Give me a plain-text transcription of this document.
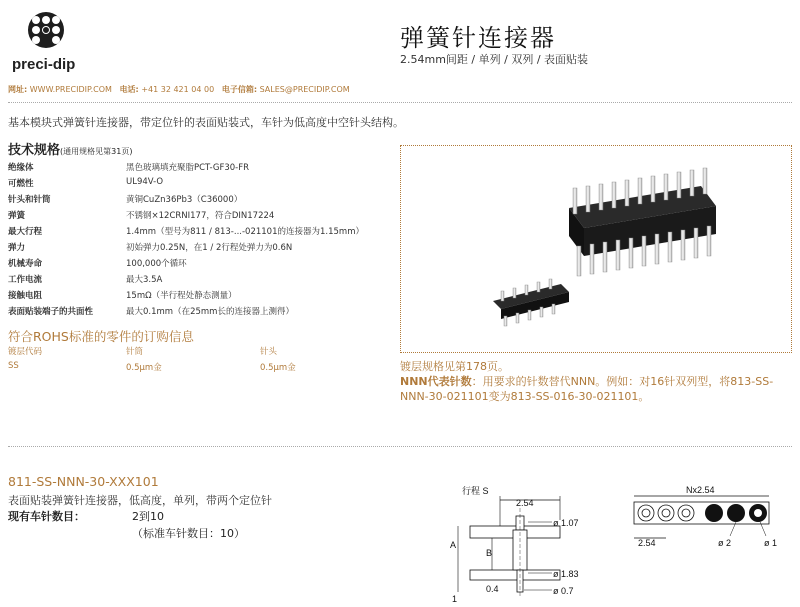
preci-dip
网址: WWW.PRECIDIP.COM 电话: +41 32 421 04 00 电子信箱: SALES@PRECIDIP.COM
弹簧针连接器
2.54mm间距 / 单列 / 双列 / 表面贴装
基本模块式弹簧针连接器，带定位针的表面贴装式，车针为低高度中空针头结构。
技术规格(通用规格见第31页)
绝缘体	黑色玻璃填充聚脂PCT-GF30-FR
可燃性	UL94V-O
针头和针筒	黄铜CuZn36Pb3（C36000）
弹簧	不锈钢×12CRNI177，符合DIN17224
最大行程	1.4mm（型号为811 / 813-...-021101的连接器为1.15mm）
弹力	初始弹力0.25N，在1 / 2行程处弹力为0.6N
机械寿命	100,000个循环
工作电流	最大3.5A
接触电阻	15mΩ（半行程处静态测量）
表面贴装端子的共面性	最大0.1mm（在25mm长的连接器上测得）
符合ROHS标准的零件的订购信息
镀层代码	针筒	针头
SS	0.5μm金	0.5μm金	镀层规格见第178页。
NNN代表针数：用要求的针数替代NNN。例如：对16针双列型，将813-SS-NNN-30-021101变为813-SS-016-30-021101。
811-SS-NNN-30-XXX101
表面贴装弹簧针连接器，低高度，单列，带两个定位针
现有车针数目：	2到10
（标准车针数目：10）
行程 S
2.54
A
B
0.4
1
ø 1.07
ø 1.83
ø 0.7
Nx2.54
2.54	ø 2	ø 1
